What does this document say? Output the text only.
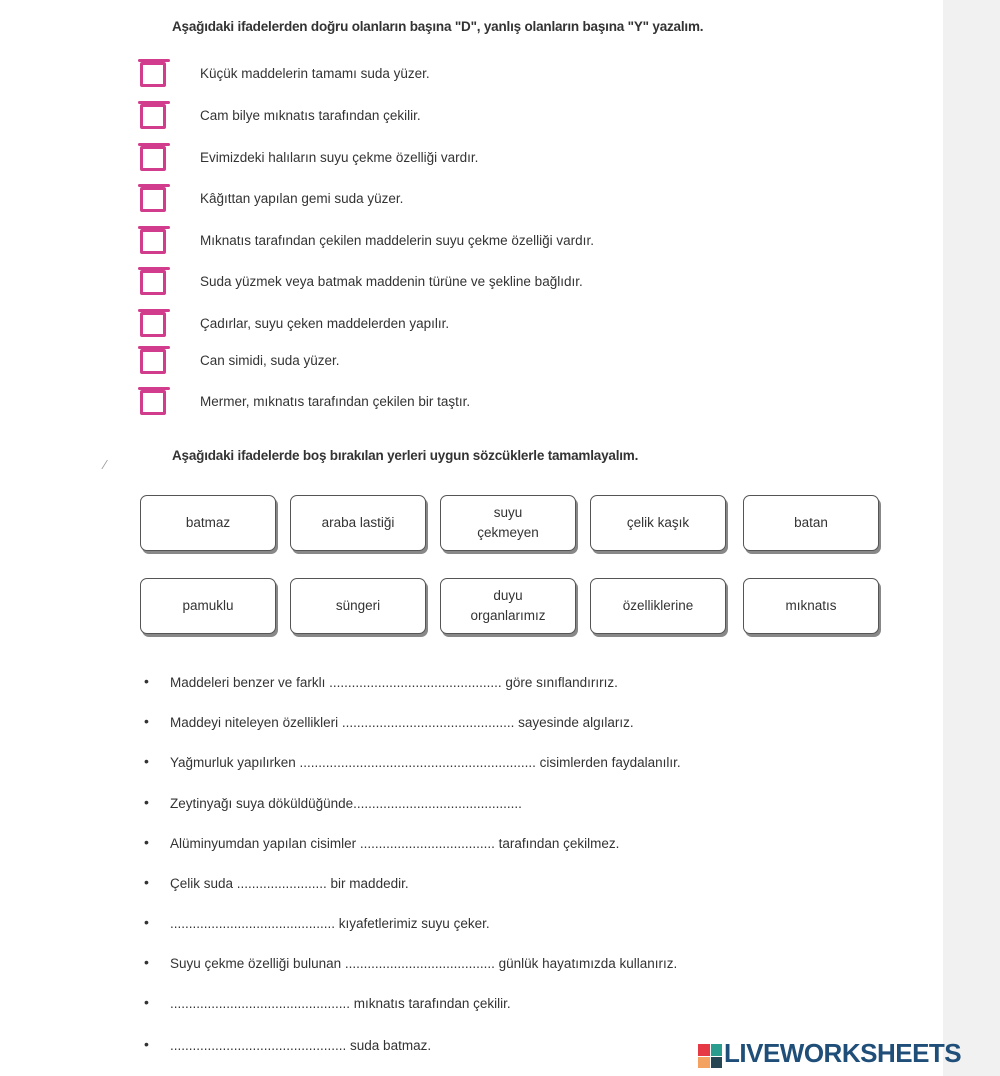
Aşağıdaki ifadelerden doğru olanların başına "D", yanlış olanların başına "Y" yazalım.
Küçük maddelerin tamamı suda yüzer.
Cam bilye mıknatıs tarafından çekilir.
Evimizdeki halıların suyu çekme özelliği vardır.
Kâğıttan yapılan gemi suda yüzer.
Mıknatıs tarafından çekilen maddelerin suyu çekme özelliği vardır.
Suda yüzmek veya batmak maddenin türüne ve şekline bağlıdır.
Çadırlar, suyu çeken maddelerden yapılır.
Can simidi, suda yüzer.
Mermer, mıknatıs tarafından çekilen bir taştır.
Aşağıdaki ifadelerde boş bırakılan yerleri uygun sözcüklerle tamamlayalım.
batmaz	araba lastiği
suyu
çekmeyen
çelik kaşık	batan
pamuklu	süngeri
duyu
organlarımız
özelliklerine	mıknatıs
• Maddeleri benzer ve farklı .............................................. göre sınıflandırırız.
• Maddeyi niteleyen özellikleri .............................................. sayesinde algılarız.
• Yağmurluk yapılırken ............................................................... cisimlerden faydalanılır.
• Zeytinyağı suya döküldüğünde.............................................
• Alüminyumdan yapılan cisimler .................................... tarafından çekilmez.
• Çelik suda ........................ bir maddedir.
• ............................................ kıyafetlerimiz suyu çeker.
• Suyu çekme özelliği bulunan ........................................ günlük hayatımızda kullanırız.
• ................................................ mıknatıs tarafından çekilir.
• ............................................... suda batmaz.
⁄
LIVEWORKSHEETS
